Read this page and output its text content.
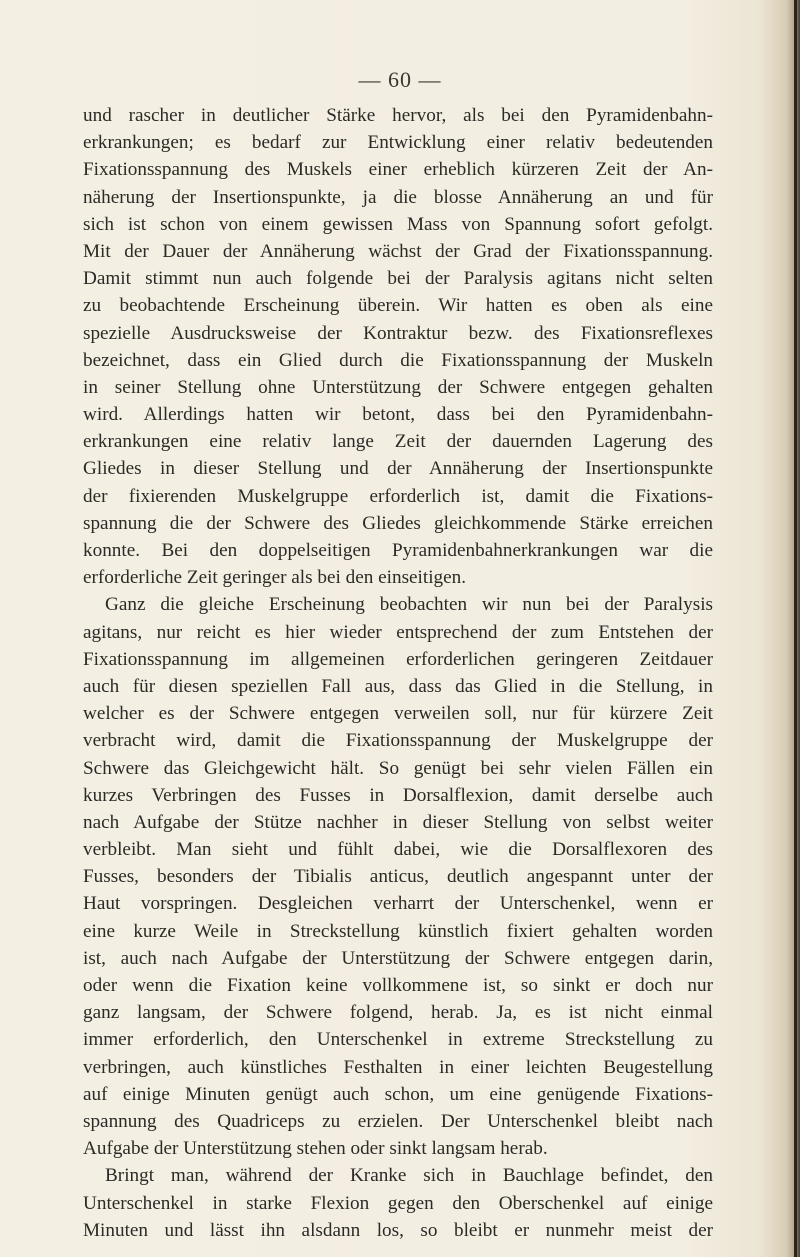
— 60 —
und rascher in deutlicher Stärke hervor, als bei den Pyramidenbahn-
erkrankungen; es bedarf zur Entwicklung einer relativ bedeutenden
Fixationsspannung des Muskels einer erheblich kürzeren Zeit der An-
näherung der Insertionspunkte, ja die blosse Annäherung an und für
sich ist schon von einem gewissen Mass von Spannung sofort gefolgt.
Mit der Dauer der Annäherung wächst der Grad der Fixationsspannung.
Damit stimmt nun auch folgende bei der Paralysis agitans nicht selten
zu beobachtende Erscheinung überein. Wir hatten es oben als eine
spezielle Ausdrucksweise der Kontraktur bezw. des Fixationsreflexes
bezeichnet, dass ein Glied durch die Fixationsspannung der Muskeln
in seiner Stellung ohne Unterstützung der Schwere entgegen gehalten
wird. Allerdings hatten wir betont, dass bei den Pyramidenbahn-
erkrankungen eine relativ lange Zeit der dauernden Lagerung des
Gliedes in dieser Stellung und der Annäherung der Insertionspunkte
der fixierenden Muskelgruppe erforderlich ist, damit die Fixations-
spannung die der Schwere des Gliedes gleichkommende Stärke erreichen
konnte. Bei den doppelseitigen Pyramidenbahnerkrankungen war die
erforderliche Zeit geringer als bei den einseitigen.
Ganz die gleiche Erscheinung beobachten wir nun bei der Paralysis
agitans, nur reicht es hier wieder entsprechend der zum Entstehen der
Fixationsspannung im allgemeinen erforderlichen geringeren Zeitdauer
auch für diesen speziellen Fall aus, dass das Glied in die Stellung, in
welcher es der Schwere entgegen verweilen soll, nur für kürzere Zeit
verbracht wird, damit die Fixationsspannung der Muskelgruppe der
Schwere das Gleichgewicht hält. So genügt bei sehr vielen Fällen ein
kurzes Verbringen des Fusses in Dorsalflexion, damit derselbe auch
nach Aufgabe der Stütze nachher in dieser Stellung von selbst weiter
verbleibt. Man sieht und fühlt dabei, wie die Dorsalflexoren des
Fusses, besonders der Tibialis anticus, deutlich angespannt unter der
Haut vorspringen. Desgleichen verharrt der Unterschenkel, wenn er
eine kurze Weile in Streckstellung künstlich fixiert gehalten worden
ist, auch nach Aufgabe der Unterstützung der Schwere entgegen darin,
oder wenn die Fixation keine vollkommene ist, so sinkt er doch nur
ganz langsam, der Schwere folgend, herab. Ja, es ist nicht einmal
immer erforderlich, den Unterschenkel in extreme Streckstellung zu
verbringen, auch künstliches Festhalten in einer leichten Beugestellung
auf einige Minuten genügt auch schon, um eine genügende Fixations-
spannung des Quadriceps zu erzielen. Der Unterschenkel bleibt nach
Aufgabe der Unterstützung stehen oder sinkt langsam herab.
Bringt man, während der Kranke sich in Bauchlage befindet, den
Unterschenkel in starke Flexion gegen den Oberschenkel auf einige
Minuten und lässt ihn alsdann los, so bleibt er nunmehr meist der
